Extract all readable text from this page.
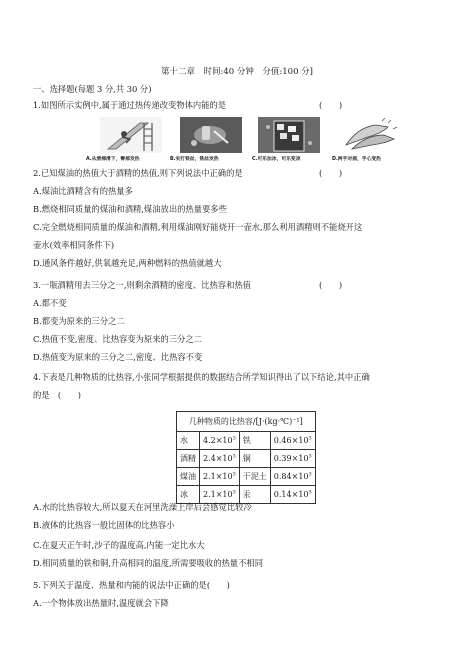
第十二章　时间:40 分钟　分值:100 分]
一、选择题(每题 3 分,共 30 分)
1.如图所示实例中,属于通过热传递改变物体内能的是	(　　)
A.从滑梯滑下，臀部发热	B.实打铁丝，铁丝发热	C.可乐加冰，可乐变凉	D.两手对搓，手心变热
2.已知煤油的热值大于酒精的热值,则下列说法中正确的是	(　　)
A.煤油比酒精含有的热量多
B.燃烧相同质量的煤油和酒精,煤油放出的热量要多些
C.完全燃烧相同质量的煤油和酒精,利用煤油刚好能烧开一壶水,那么利用酒精则不能烧开这
壶水(效率相同条件下)
D.通风条件越好,供氧越充足,两种燃料的热值就越大
3.一瓶酒精用去三分之一,则剩余酒精的密度、比热容和热值	(　　)
A.都不变
B.都变为原来的三分之二
C.热值不变,密度、比热容变为原来的三分之二
D.热值变为原来的三分之二,密度、比热容不变
4.下表是几种物质的比热容,小张同学根据提供的数据结合所学知识得出了以下结论,其中正确
的是　(　　)
几种物质的比热容/[J·(kg·℃)⁻¹]			
水	$4.2\times 10^3$	铁	$0.46\times 10^3$
酒精	$2.4\times 10^3$	铜	$0.39\times 10^3$
煤油	$2.1\times 10^3$	干泥土	$0.84\times 10^3$
冰	$2.1\times 10^3$	汞	$0.14\times 10^3$
A.水的比热容较大,所以夏天在河里洗澡上岸后会感觉比较冷
B.液体的比热容一般比固体的比热容小
C.在夏天正午时,沙子的温度高,内能一定比水大
D.相同质量的铁和铜,升高相同的温度,所需要吸收的热量不相同
5.下列关于温度、热量和内能的说法中正确的是(　　)
A.一个物体放出热量时,温度就会下降
